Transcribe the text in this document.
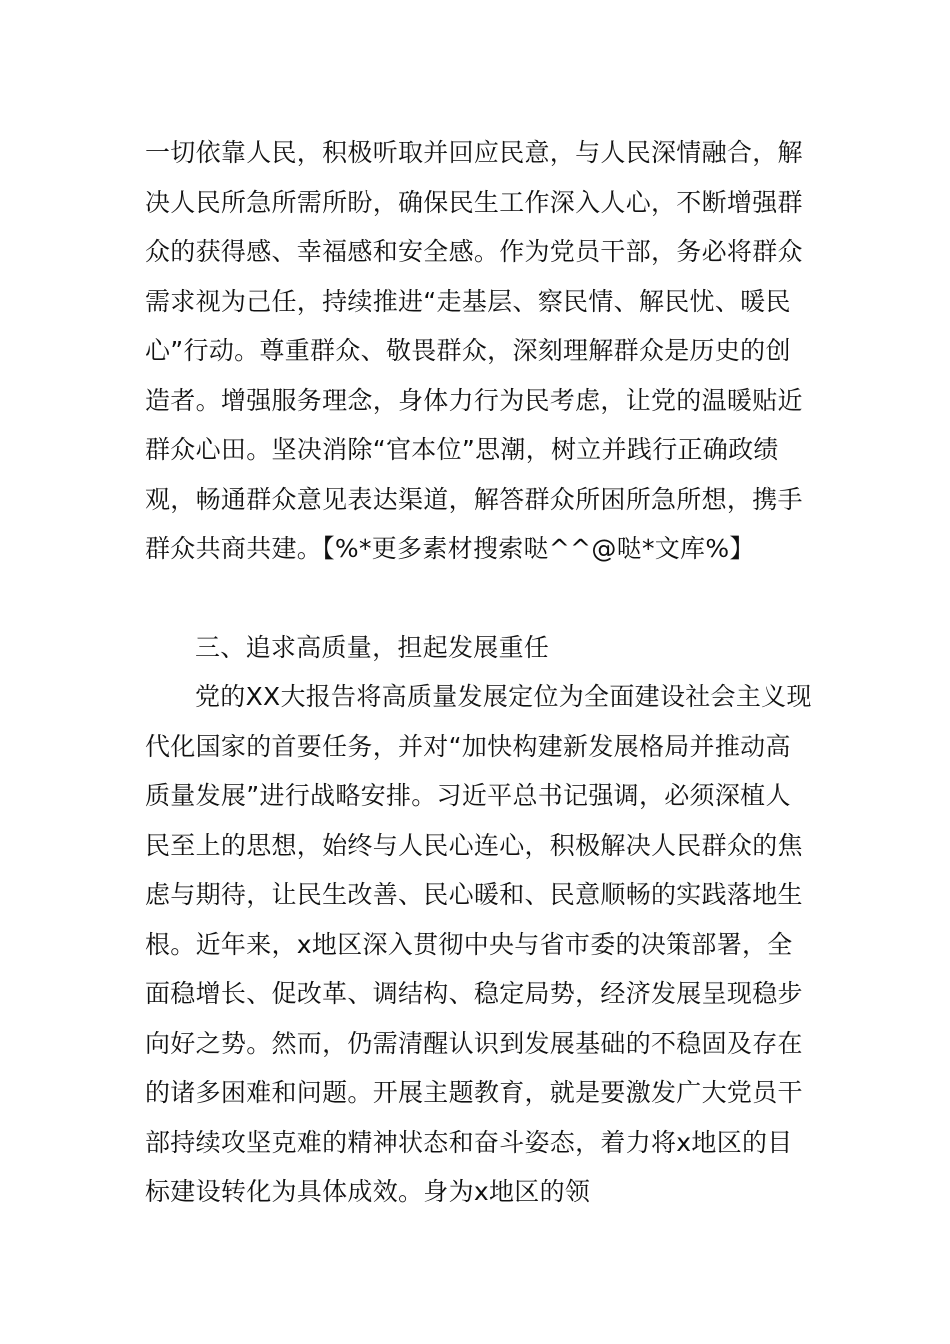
一切依靠人民，积极听取并回应民意，与人民深情融合，解决人民所急所需所盼，确保民生工作深入人心，不断增强群众的获得感、幸福感和安全感。作为党员干部，务必将群众需求视为己任，持续推进“走基层、察民情、解民忧、暖民心”行动。尊重群众、敬畏群众，深刻理解群众是历史的创造者。增强服务理念，身体力行为民考虑，让党的温暖贴近群众心田。坚决消除“官本位”思潮，树立并践行正确政绩观，畅通群众意见表达渠道，解答群众所困所急所想，携手群众共商共建。【%*更多素材搜索哒^^@哒*文库%】

三、追求高质量，担起发展重任

党的XX大报告将高质量发展定位为全面建设社会主义现代化国家的首要任务，并对“加快构建新发展格局并推动高质量发展”进行战略安排。习近平总书记强调，必须深植人民至上的思想，始终与人民心连心，积极解决人民群众的焦虑与期待，让民生改善、民心暖和、民意顺畅的实践落地生根。近年来，x地区深入贯彻中央与省市委的决策部署，全面稳增长、促改革、调结构、稳定局势，经济发展呈现稳步向好之势。然而，仍需清醒认识到发展基础的不稳固及存在的诸多困难和问题。开展主题教育，就是要激发广大党员干部持续攻坚克难的精神状态和奋斗姿态，着力将x地区的目标建设转化为具体成效。身为x地区的领
